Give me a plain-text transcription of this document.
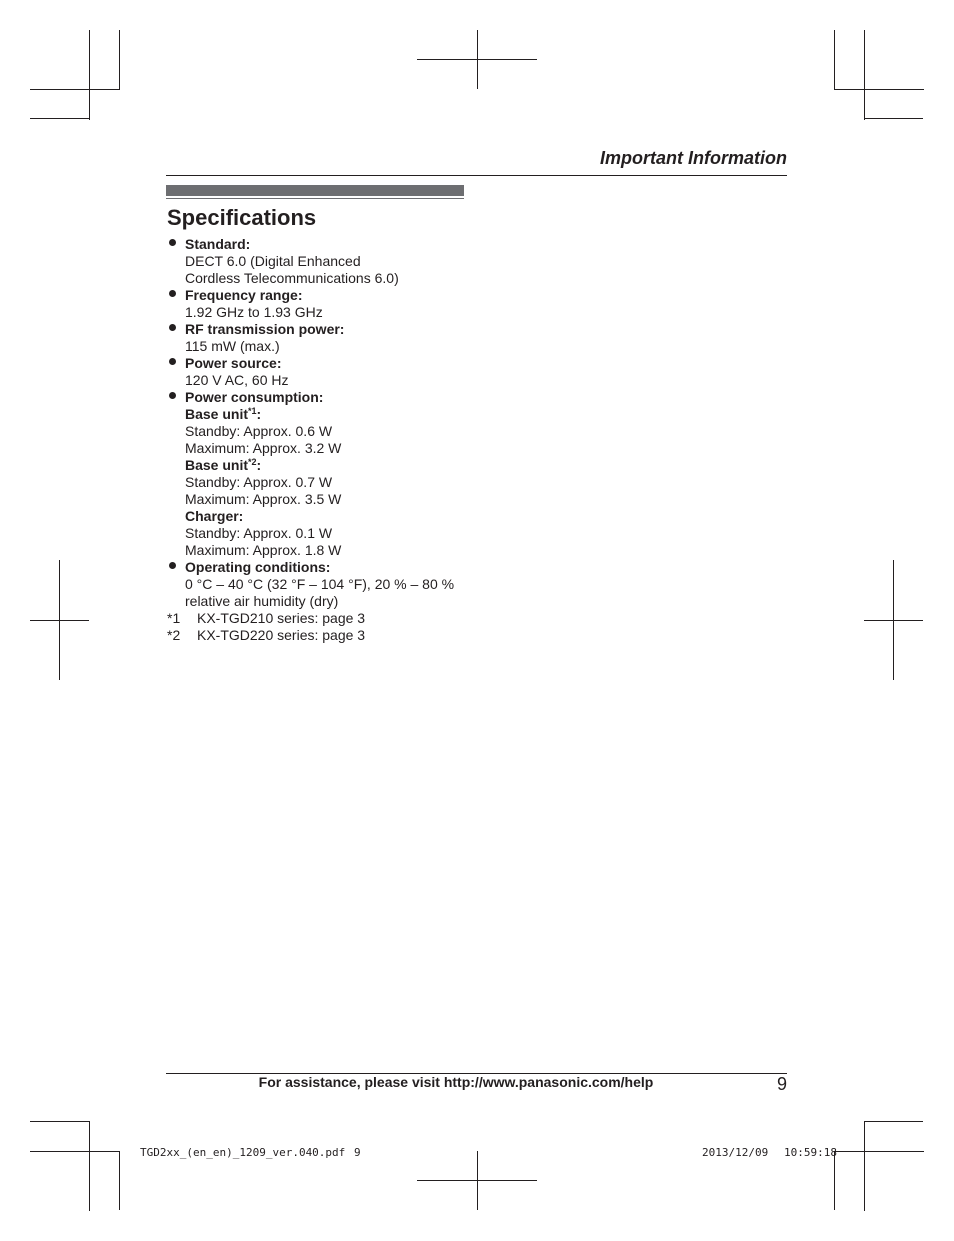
Important Information
Specifications
Standard:
DECT 6.0 (Digital Enhanced
Cordless Telecommunications 6.0)
Frequency range:
1.92 GHz to 1.93 GHz
RF transmission power:
115 mW (max.)
Power source:
120 V AC, 60 Hz
Power consumption:
Base unit$^{*1}$:
Standby: Approx. 0.6 W
Maximum: Approx. 3.2 W
Base unit$^{*2}$:
Standby: Approx. 0.7 W
Maximum: Approx. 3.5 W
Charger:
Standby: Approx. 0.1 W
Maximum: Approx. 1.8 W
Operating conditions:
0 °C – 40 °C (32 °F – 104 °F), 20 % – 80 %
relative air humidity (dry)
*1	KX-TGD210 series: page 3
*2	KX-TGD220 series: page 3
For assistance, please visit http://www.panasonic.com/help	9
TGD2xx_(en_en)_1209_ver.040.pdf 9	2013/12/09 10:59:18
